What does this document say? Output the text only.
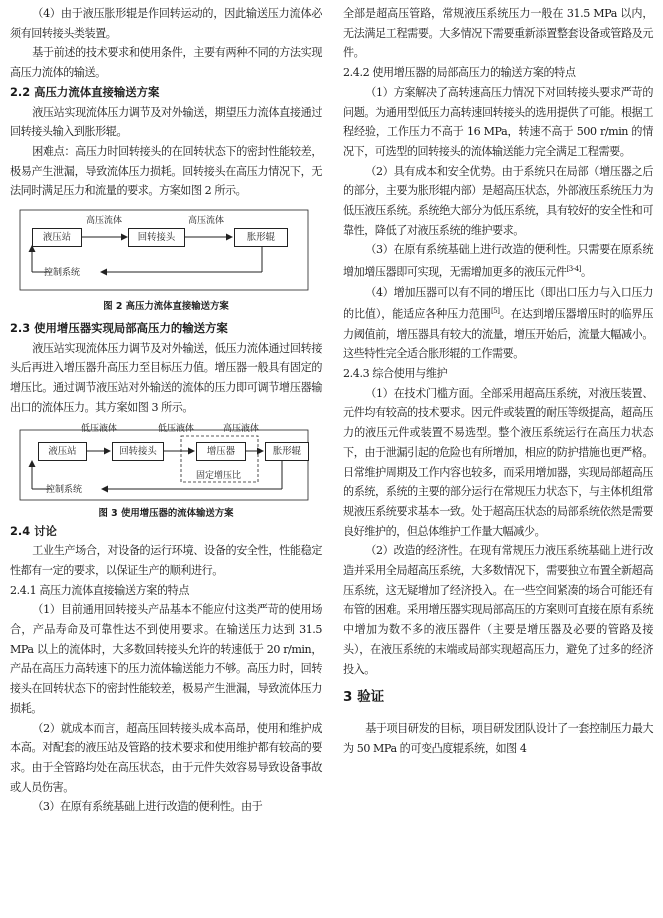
（4）由于液压胀形辊是作回转运动的，因此输送压力流体必须有回转接头类装置。

基于前述的技术要求和使用条件，主要有两种不同的方法实现高压力流体的输送。

2.2 高压力流体直接输送方案

液压站实现流体压力调节及对外输送，期望压力流体直接通过回转接头输入到胀形辊。

困难点：高压力时回转接头的在回转状态下的密封性能较差，极易产生泄漏，导致流体压力损耗。回转接头在高压力情况下，无法同时满足压力和流量的要求。方案如图 2 所示。

高压流体	高压流体
液压站	回转接头	胀形辊
控制系统
图 2 高压力流体直接输送方案
2.3 使用增压器实现局部高压力的输送方案

液压站实现流体压力调节及对外输送，低压力流体通过回转接头后再进入增压器升高压力至目标压力值。增压器一般具有固定的增压比。通过调节液压站对外输送的流体的压力即可调节增压器输出口的流体压力。其方案如图 3 所示。

低压液体	低压液体	高压液体
液压站	回转接头	增压器	胀形辊
固定增压比
控制系统
图 3 使用增压器的流体输送方案
2.4 讨论

工业生产场合，对设备的运行环境、设备的安全性，性能稳定性都有一定的要求，以保证生产的顺利进行。

2.4.1 高压力流体直接输送方案的特点

（1）目前通用回转接头产品基本不能应付这类严苛的使用场合，产品寿命及可靠性达不到使用要求。在输送压力达到 31.5 MPa 以上的流体时，大多数回转接头允许的转速低于 20 r/min，产品在高压力高转速下的压力流体输送能力不够。高压力时，回转接头在回转状态下的密封性能较差，极易产生泄漏，导致流体压力损耗。

（2）就成本而言，超高压回转接头成本高昂，使用和维护成本高。对配套的液压站及管路的技术要求和使用维护都有较高的要求。由于全管路均处在高压状态，由于元件失效容易导致设备事故或人员伤害。

（3）在原有系统基础上进行改造的便利性。由于

全部是超高压管路，常规液压系统压力一般在 31.5 MPa 以内，无法满足工程需要。大多情况下需要重新添置整套设备或管路及元件。

2.4.2 使用增压器的局部高压力的输送方案的特点

（1）方案解决了高转速高压力情况下对回转接头要求严苛的问题。为通用型低压力高转速回转接头的选用提供了可能。根据工程经验，工作压力不高于 16 MPa，转速不高于 500 r/min 的情况下，可选型的回转接头的流体输送能力完全满足工程需要。

（2）具有成本和安全优势。由于系统只在局部（增压器之后的部分，主要为胀形辊内部）是超高压状态，外部液压系统压力为低压液压系统。系统绝大部分为低压系统，具有较好的安全性和可靠性，降低了对液压系统的维护要求。

（3）在原有系统基础上进行改造的便利性。只需要在原系统增加增压器即可实现，无需增加更多的液压元件[3-4]。

（4）增加压器可以有不同的增压比（即出口压力与入口压力的比值），能适应各种压力范围[5]。在达到增压器增压时的临界压力阈值前，增压器具有较大的流量，增压开始后，流量大幅减小。这些特性完全适合胀形辊的工作需要。

2.4.3 综合使用与维护

（1）在技术门槛方面。全部采用超高压系统，对液压装置、元件均有较高的技术要求。因元件或装置的耐压等级提高，超高压力的液压元件或装置不易选型。整个液压系统运行在高压力状态下，由于泄漏引起的危险也有所增加，相应的防护措施也更严格。日常维护周期及工作内容也较多，而采用增加器，实现局部超高压的系统，系统的主要的部分运行在常规压力状态下，与主体机组常规液压系统要求基本一致。处于超高压状态的局部系统依然是需要良好维护的，但总体维护工作量大幅减少。

（2）改造的经济性。在现有常规压力液压系统基础上进行改造并采用全局超高压系统，大多数情况下，需要独立布置全新超高压系统，这无疑增加了经济投入。在一些空间紧凑的场合可能还有布管的困难。采用增压器实现局部高压的方案则可直接在原有系统中增加为数不多的液压器件（主要是增压器及必要的管路及接头），在液压系统的末端或局部实现超高压力，避免了过多的经济投入。

3 验证

基于项目研发的目标，项目研发团队设计了一套控制压力最大为 50 MPa 的可变凸度辊系统，如图 4
